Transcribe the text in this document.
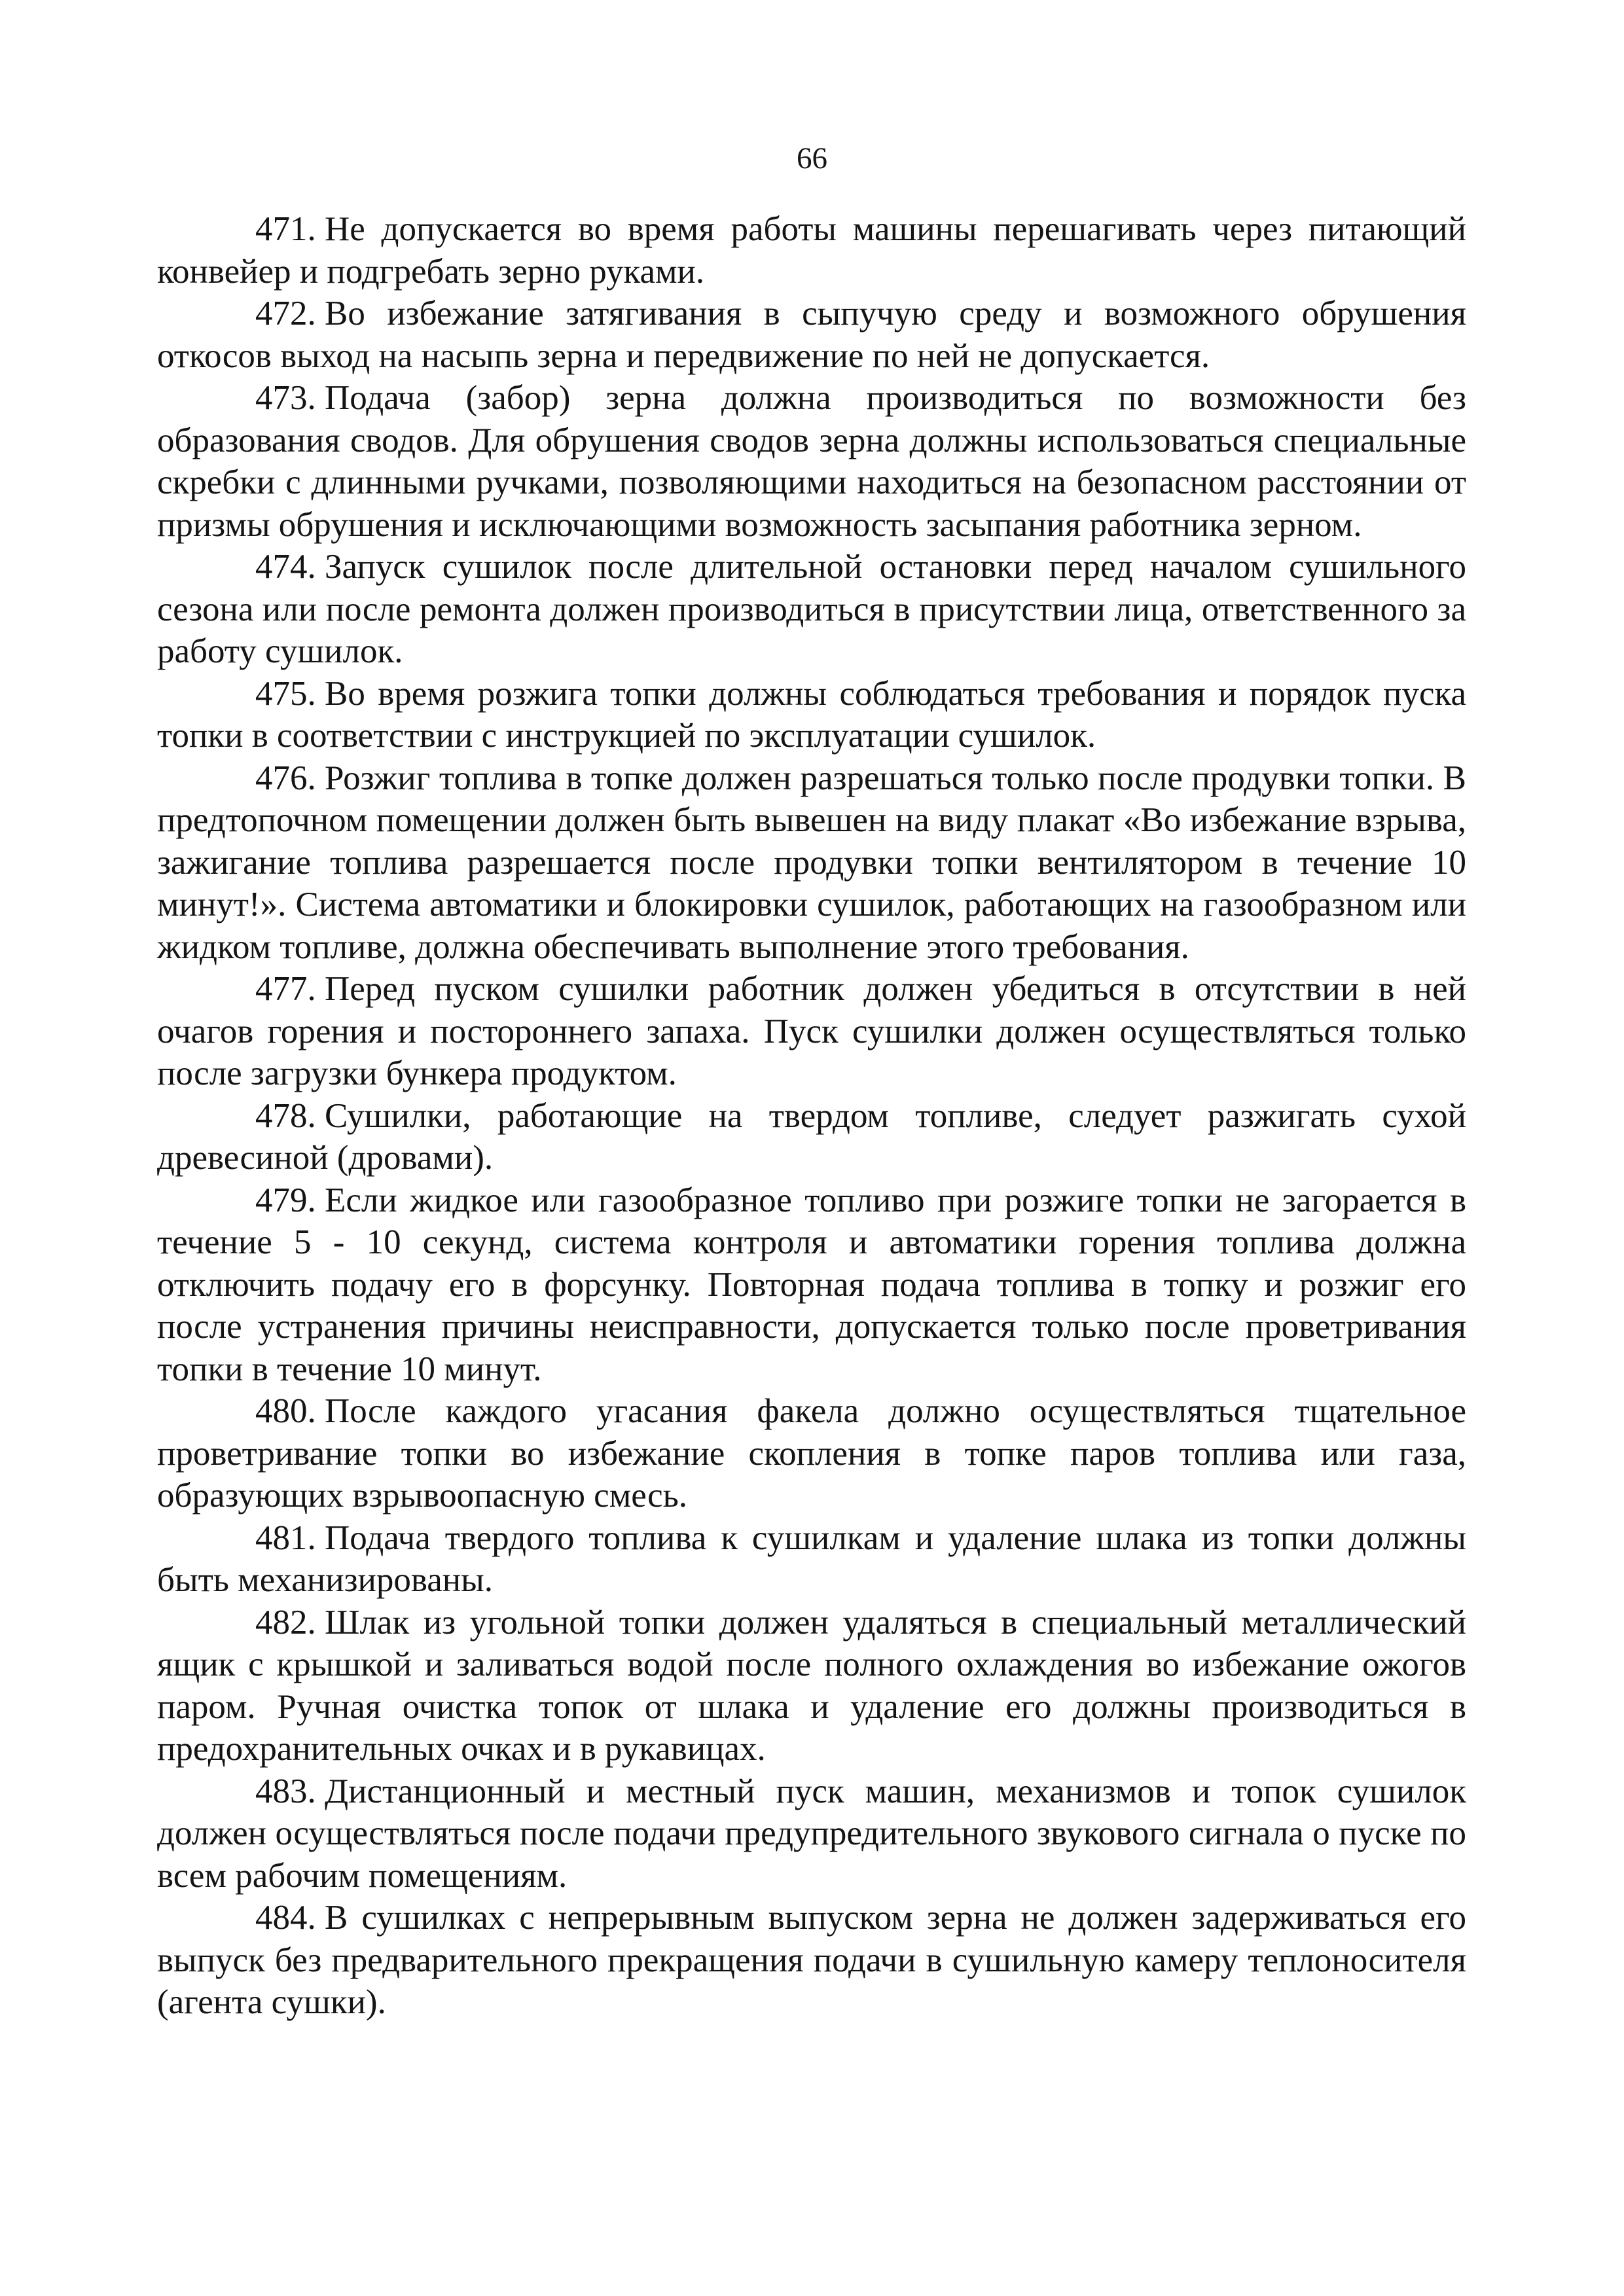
66

471. Не допускается во время работы машины перешагивать через питающий конвейер и подгребать зерно руками.

472. Во избежание затягивания в сыпучую среду и возможного обрушения откосов выход на насыпь зерна и передвижение по ней не допускается.

473. Подача (забор) зерна должна производиться по возможности без образования сводов. Для обрушения сводов зерна должны использоваться специальные скребки с длинными ручками, позволяющими находиться на безопасном расстоянии от призмы обрушения и исключающими возможность засыпания работника зерном.

474. Запуск сушилок после длительной остановки перед началом сушильного сезона или после ремонта должен производиться в присутствии лица, ответственного за работу сушилок.

475. Во время розжига топки должны соблюдаться требования и порядок пуска топки в соответствии с инструкцией по эксплуатации сушилок.

476. Розжиг топлива в топке должен разрешаться только после продувки топки. В предтопочном помещении должен быть вывешен на виду плакат «Во избежание взрыва, зажигание топлива разрешается после продувки топки вентилятором в течение 10 минут!». Система автоматики и блокировки сушилок, работающих на газообразном или жидком топливе, должна обеспечивать выполнение этого требования.

477. Перед пуском сушилки работник должен убедиться в отсутствии в ней очагов горения и постороннего запаха. Пуск сушилки должен осуществляться только после загрузки бункера продуктом.

478. Сушилки, работающие на твердом топливе, следует разжигать сухой древесиной (дровами).

479. Если жидкое или газообразное топливо при розжиге топки не загорается в течение 5 - 10 секунд, система контроля и автоматики горения топлива должна отключить подачу его в форсунку. Повторная подача топлива в топку и розжиг его после устранения причины неисправности, допускается только после проветривания топки в течение 10 минут.

480. После каждого угасания факела должно осуществляться тщательное проветривание топки во избежание скопления в топке паров топлива или газа, образующих взрывоопасную смесь.

481. Подача твердого топлива к сушилкам и удаление шлака из топки должны быть механизированы.

482. Шлак из угольной топки должен удаляться в специальный металлический ящик с крышкой и заливаться водой после полного охлаждения во избежание ожогов паром. Ручная очистка топок от шлака и удаление его должны производиться в предохранительных очках и в рукавицах.

483. Дистанционный и местный пуск машин, механизмов и топок сушилок должен осуществляться после подачи предупредительного звукового сигнала о пуске по всем рабочим помещениям.

484. В сушилках с непрерывным выпуском зерна не должен задерживаться его выпуск без предварительного прекращения подачи в сушильную камеру теплоносителя (агента сушки).
